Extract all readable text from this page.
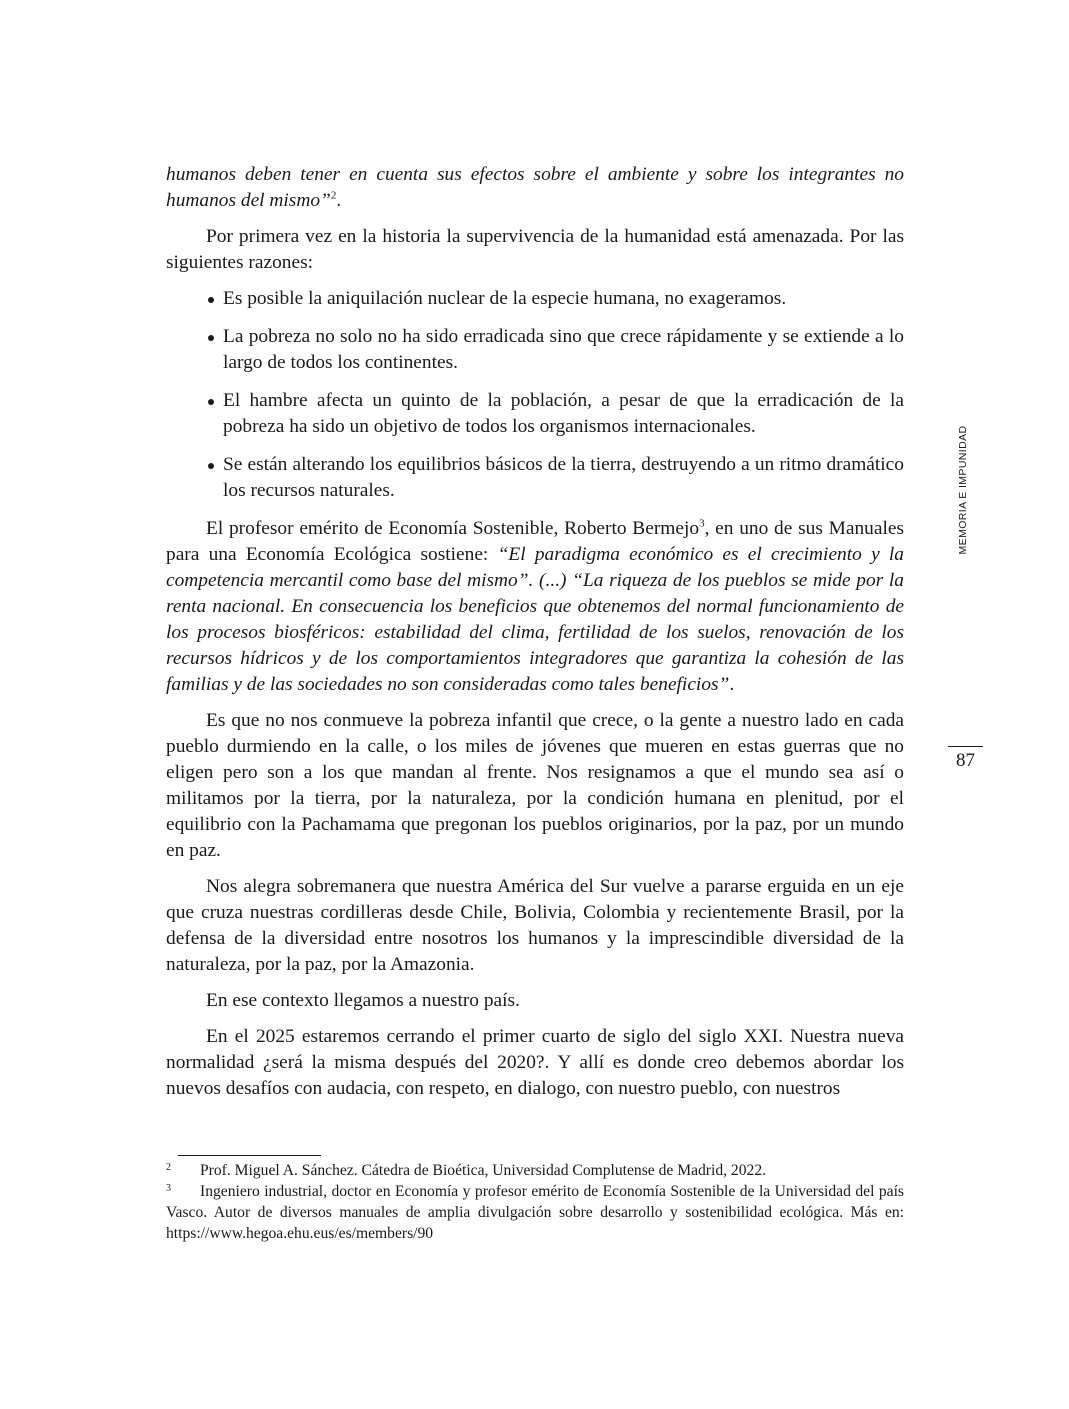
humanos deben tener en cuenta sus efectos sobre el ambiente y sobre los integrantes no humanos del mismo”$^2$.

Por primera vez en la historia la supervivencia de la humanidad está amenazada. Por las siguientes razones:

Es posible la aniquilación nuclear de la especie humana, no exageramos.
La pobreza no solo no ha sido erradicada sino que crece rápidamente y se extiende a lo largo de todos los continentes.
El hambre afecta un quinto de la población, a pesar de que la erradicación de la pobreza ha sido un objetivo de todos los organismos internacionales.
Se están alterando los equilibrios básicos de la tierra, destruyendo a un ritmo dramático los recursos naturales.

El profesor emérito de Economía Sostenible, Roberto Bermejo$^3$, en uno de sus Manuales para una Economía Ecológica sostiene: “El paradigma económico es el crecimiento y la competencia mercantil como base del mismo”. (...) “La riqueza de los pueblos se mide por la renta nacional. En consecuencia los beneficios que obtenemos del normal funcionamiento de los procesos biosféricos: estabilidad del clima, fertilidad de los suelos, renovación de los recursos hídricos y de los comportamientos integradores que garantiza la cohesión de las familias y de las sociedades no son consideradas como tales beneficios”.

Es que no nos conmueve la pobreza infantil que crece, o la gente a nuestro lado en cada pueblo durmiendo en la calle, o los miles de jóvenes que mueren en estas guerras que no eligen pero son a los que mandan al frente. Nos resignamos a que el mundo sea así o militamos por la tierra, por la naturaleza, por la condición humana en plenitud, por el equilibrio con la Pachamama que pregonan los pueblos originarios, por la paz, por un mundo en paz.

Nos alegra sobremanera que nuestra América del Sur vuelve a pararse erguida en un eje que cruza nuestras cordilleras desde Chile, Bolivia, Colombia y recientemente Brasil, por la defensa de la diversidad entre nosotros los humanos y la imprescindible diversidad de la naturaleza, por la paz, por la Amazonia.

En ese contexto llegamos a nuestro país.

En el 2025 estaremos cerrando el primer cuarto de siglo del siglo XXI. Nuestra nueva normalidad ¿será la misma después del 2020?. Y allí es donde creo debemos abordar los nuevos desafíos con audacia, con respeto, en dialogo, con nuestro pueblo, con nuestros

MEMORIA E IMPUNIDAD
87

2 Prof. Miguel A. Sánchez. Cátedra de Bioética, Universidad Complutense de Madrid, 2022.

3 Ingeniero industrial, doctor en Economía y profesor emérito de Economía Sostenible de la Universidad del país Vasco. Autor de diversos manuales de amplia divulgación sobre desarrollo y sostenibilidad ecológica. Más en: https://www.hegoa.ehu.eus/es/members/90
